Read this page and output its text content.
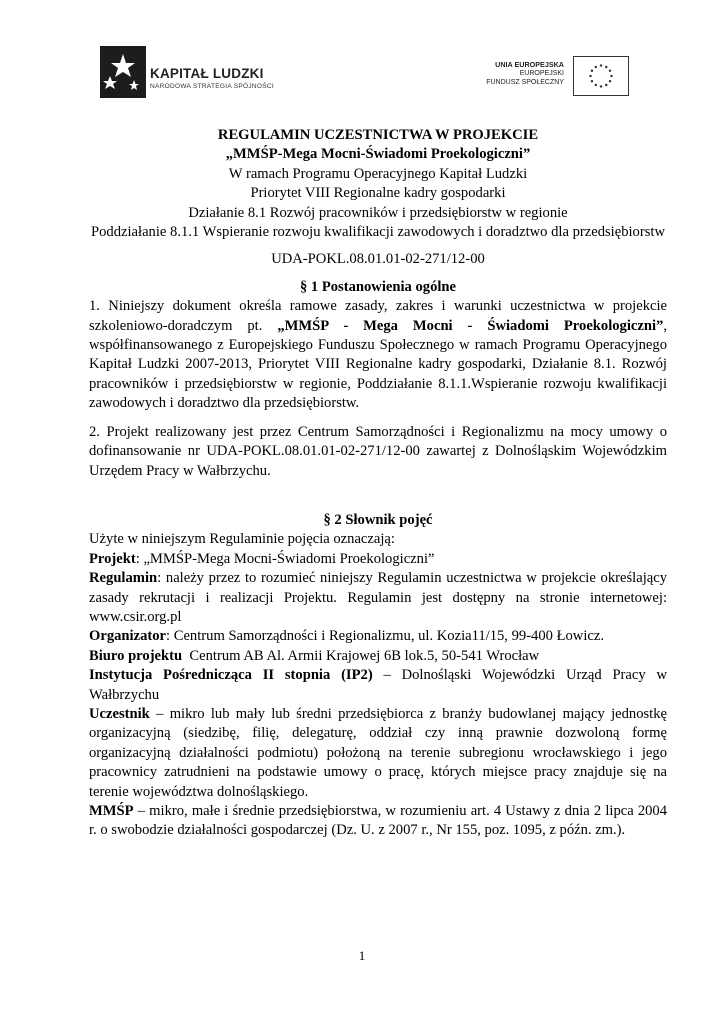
KAPITAŁ LUDZKI
NARODOWA STRATEGIA SPÓJNOŚCI
UNIA EUROPEJSKA
EUROPEJSKI
FUNDUSZ SPOŁECZNY
REGULAMIN UCZESTNICTWA W PROJEKCIE
„MMŚP-Mega Mocni-Świadomi Proekologiczni”
W ramach Programu Operacyjnego Kapitał Ludzki
Priorytet VIII Regionalne kadry gospodarki
Działanie 8.1 Rozwój pracowników i przedsiębiorstw w regionie
Poddziałanie 8.1.1 Wspieranie rozwoju kwalifikacji zawodowych i doradztwo dla przedsiębiorstw
UDA-POKL.08.01.01-02-271/12-00
§ 1 Postanowienia ogólne

1. Niniejszy dokument określa ramowe zasady, zakres i warunki uczestnictwa w projekcie szkoleniowo-doradczym pt. „MMŚP - Mega Mocni - Świadomi Proekologiczni”, współfinansowanego z Europejskiego Funduszu Społecznego w ramach Programu Operacyjnego Kapitał Ludzki 2007-2013, Priorytet VIII Regionalne kadry gospodarki, Działanie 8.1. Rozwój pracowników i przedsiębiorstw w regionie, Poddziałanie 8.1.1.Wspieranie rozwoju kwalifikacji zawodowych i doradztwo dla przedsiębiorstw.

2. Projekt realizowany jest przez Centrum Samorządności i Regionalizmu na mocy umowy o dofinansowanie nr UDA-POKL.08.01.01-02-271/12-00 zawartej z Dolnośląskim Wojewódzkim Urzędem Pracy w Wałbrzychu.

§ 2 Słownik pojęć

Użyte w niniejszym Regulaminie pojęcia oznaczają:

Projekt: „MMŚP-Mega Mocni-Świadomi Proekologiczni”

Regulamin: należy przez to rozumieć niniejszy Regulamin uczestnictwa w projekcie określający zasady rekrutacji i realizacji Projektu. Regulamin jest dostępny na stronie internetowej: www.csir.org.pl

Organizator: Centrum Samorządności i Regionalizmu, ul. Kozia11/15, 99-400 Łowicz.

Biuro projektu Centrum AB Al. Armii Krajowej 6B lok.5, 50-541 Wrocław

Instytucja Pośrednicząca II stopnia (IP2) – Dolnośląski Wojewódzki Urząd Pracy w Wałbrzychu

Uczestnik – mikro lub mały lub średni przedsiębiorca z branży budowlanej mający jednostkę organizacyjną (siedzibę, filię, delegaturę, oddział czy inną prawnie dozwoloną formę organizacyjną działalności podmiotu) położoną na terenie subregionu wrocławskiego i jego pracownicy zatrudnieni na podstawie umowy o pracę, których miejsce pracy znajduje się na terenie województwa dolnośląskiego.

MMŚP – mikro, małe i średnie przedsiębiorstwa, w rozumieniu art. 4 Ustawy z dnia 2 lipca 2004 r. o swobodzie działalności gospodarczej (Dz. U. z 2007 r., Nr 155, poz. 1095, z późn. zm.).

1
